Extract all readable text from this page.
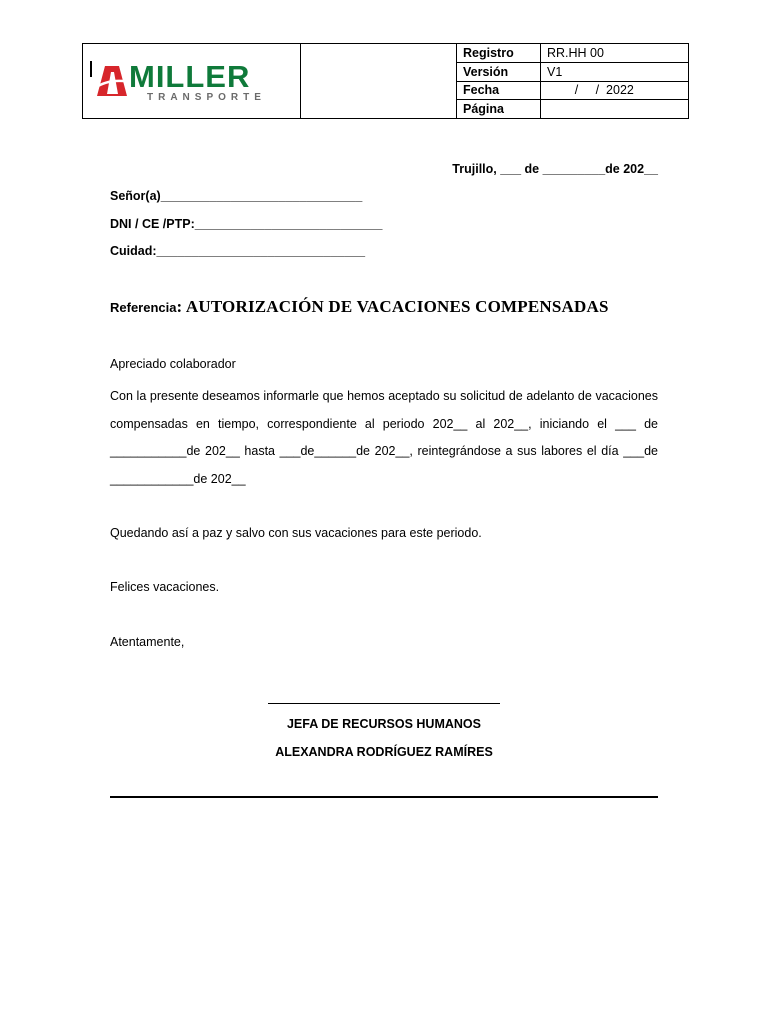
MILLER
TRANSPORTE		Registro	RR.HH 00
		Versión	V1
		Fecha	/     /  2022
		Página	
Trujillo, ___ de _________de 202__
Señor(a)_____________________________
DNI / CE /PTP:___________________________
Cuidad:______________________________
Referencia: AUTORIZACIÓN DE VACACIONES COMPENSADAS
Apreciado colaborador
Con la presente deseamos informarle que hemos aceptado su solicitud de adelanto de vacaciones compensadas en tiempo, correspondiente al periodo 202__ al 202__, iniciando el ___ de ___________de 202__ hasta ___de______de 202__, reintegrándose a sus labores el día ___de ____________de 202__
Quedando así a paz y salvo con sus vacaciones para este periodo.
Felices vacaciones.
Atentamente,
JEFA DE RECURSOS HUMANOS
ALEXANDRA RODRÍGUEZ RAMÍRES
